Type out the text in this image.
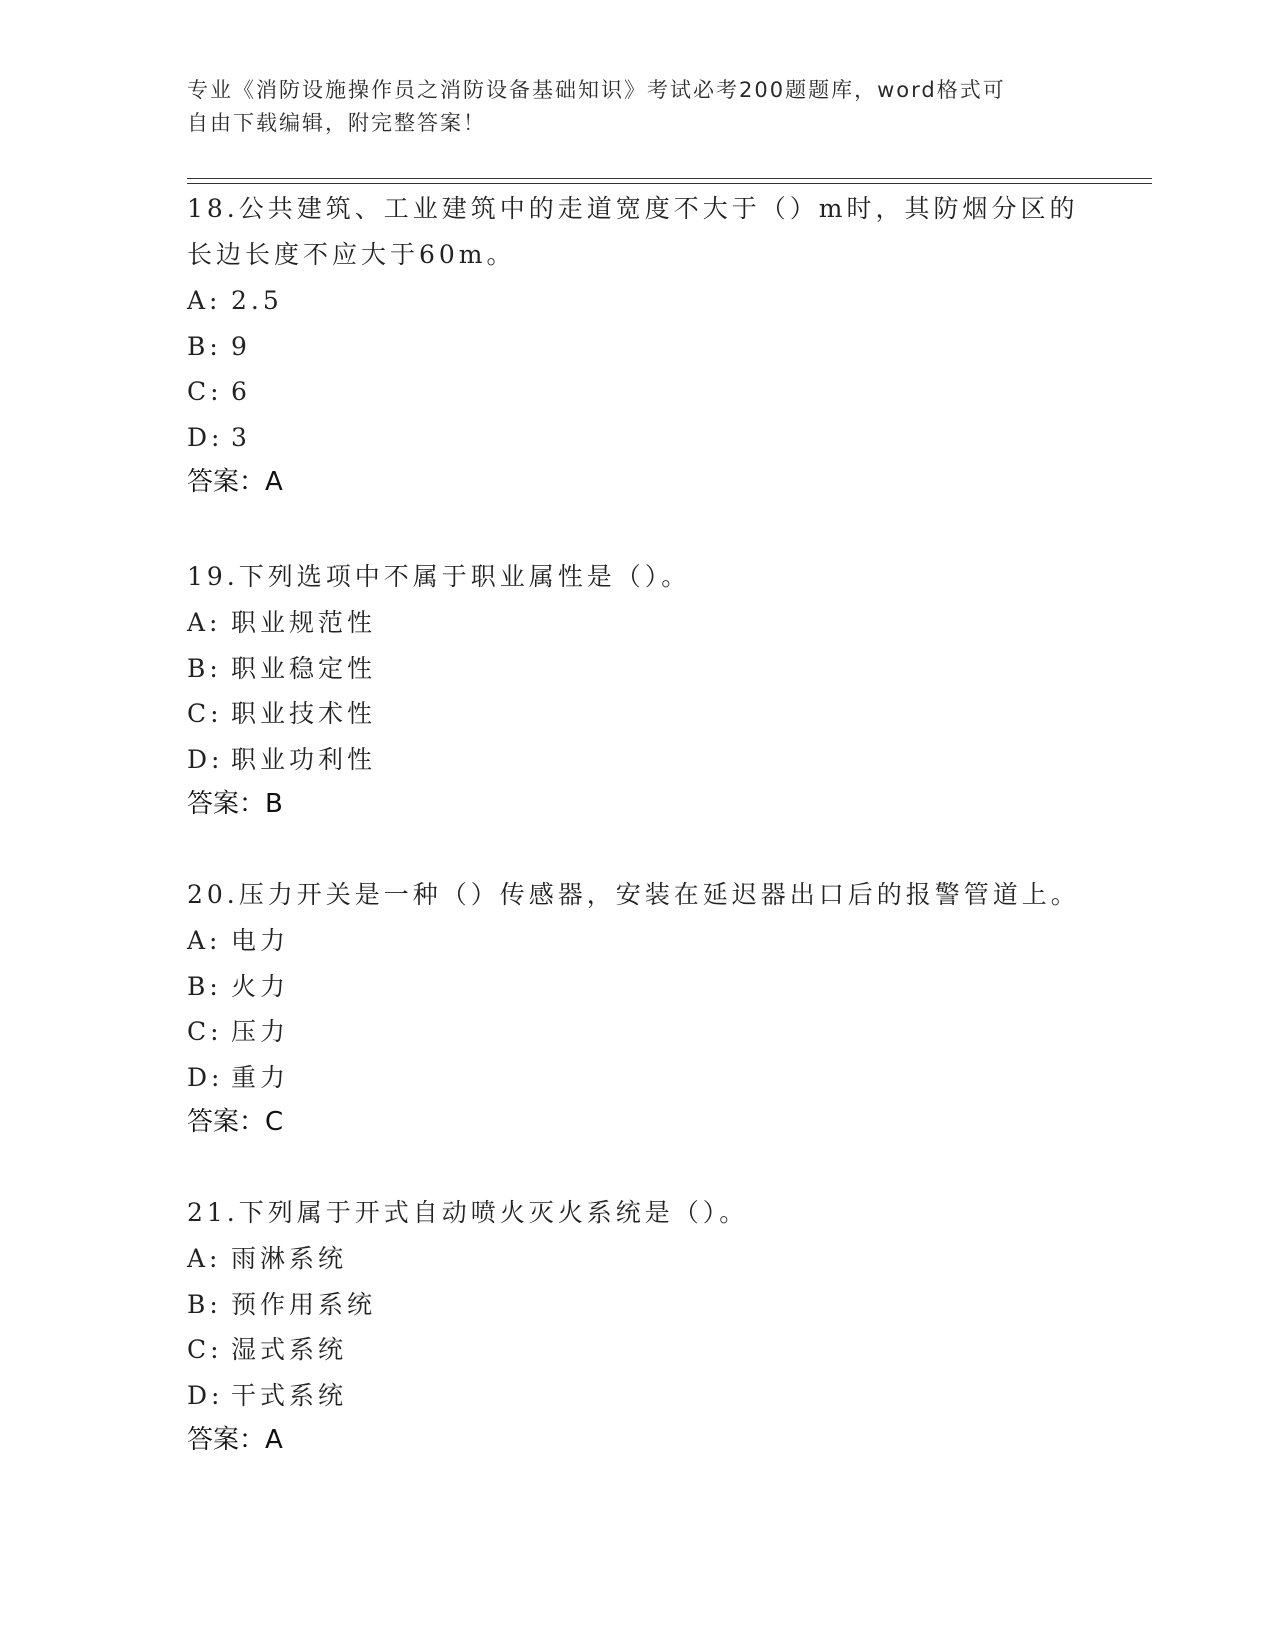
专业《消防设施操作员之消防设备基础知识》考试必考200题题库，word格式可
自由下载编辑，附完整答案！
18.公共建筑、工业建筑中的走道宽度不大于（）m时，其防烟分区的
长边长度不应大于60m。
A: 2.5
B: 9
C: 6
D: 3
答案：A
19.下列选项中不属于职业属性是（）。
A: 职业规范性
B: 职业稳定性
C: 职业技术性
D: 职业功利性
答案：B
20.压力开关是一种（）传感器，安装在延迟器出口后的报警管道上。
A: 电力
B: 火力
C: 压力
D: 重力
答案：C
21.下列属于开式自动喷火灭火系统是（）。
A: 雨淋系统
B: 预作用系统
C: 湿式系统
D: 干式系统
答案：A
